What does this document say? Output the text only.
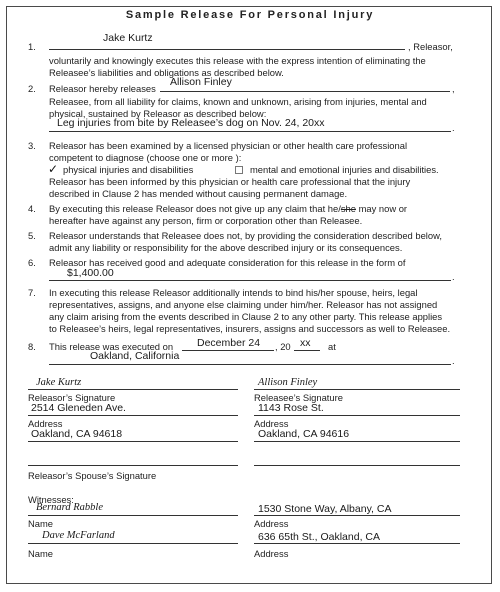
Sample Release For Personal Injury
1.
Jake Kurtz
, Releasor,
voluntarily and knowingly executes this release with the express intention of eliminating the
Releasee’s liabilities and obligations as described below.
2. Releasor hereby releases
Allison Finley
,
Releasee, from all liability for claims, known and unknown, arising from injuries, mental and
physical, sustained by Releasor as described below:
Leg injuries from bite by Releasee’s dog on Nov. 24, 20xx	.
3. Releasor has been examined by a licensed physician or other health care professional
competent to diagnose (choose one or more ):
✓ physical injuries and disabilities	mental and emotional injuries and disabilities.
Releasor has been informed by this physician or health care professional that the injury
described in Clause 2 has mended without causing permanent damage.
4. By executing this release Releasor does not give up any claim that he/she may now or
hereafter have against any person, firm or corporation other than Releasee.
5. Releasor understands that Releasee does not, by providing the consideration described below,
admit any liability or responsibility for the above described injury or its consequences.
6. Releasor has received good and adequate consideration for this release in the form of
$1,400.00	.
7. In executing this release Releasor additionally intends to bind his/her spouse, heirs, legal
representatives, assigns, and anyone else claiming under him/her. Releasor has not assigned
any claim arising from the events described in Clause 2 to any other party. This release applies
to Releasee’s heirs, legal representatives, insurers, assigns and successors as well to Releasee.
8. This release was executed on December 24 , 20 xx at
Oakland, California	.
Jake Kurtz
Releasor’s Signature
2514 Gleneden Ave.
Address
Oakland, CA 94618
Allison Finley
Releasee’s Signature
1143 Rose St.
Address
Oakland, CA 94616
Releasor’s Spouse’s Signature
Witnesses:
Bernard Rabble
Name
1530 Stone Way, Albany, CA
Address
Dave McFarland
Name
636 65th St., Oakland, CA
Address
